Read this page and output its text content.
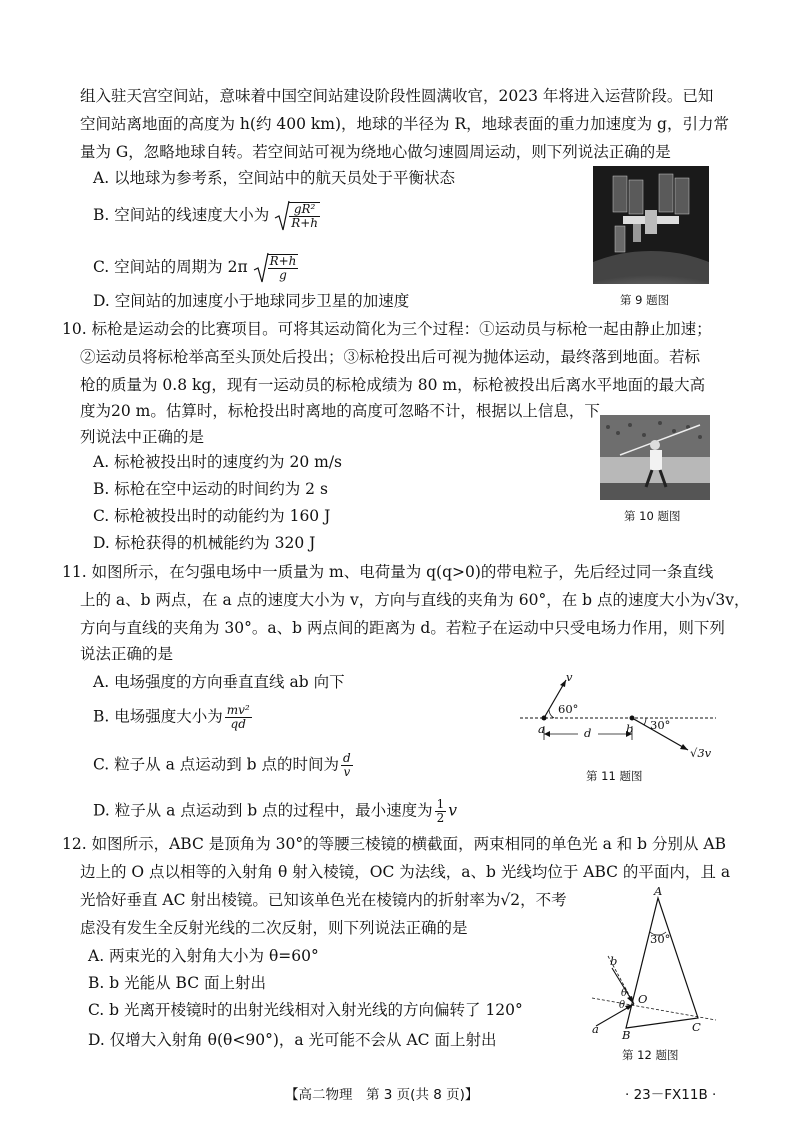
组入驻天宫空间站，意味着中国空间站建设阶段性圆满收官，2023 年将进入运营阶段。已知
空间站离地面的高度为 h(约 400 km)，地球的半径为 R，地球表面的重力加速度为 g，引力常
量为 G，忽略地球自转。若空间站可视为绕地心做匀速圆周运动，则下列说法正确的是
A. 以地球为参考系，空间站中的航天员处于平衡状态
B. 空间站的线速度大小为 $\frac{\text{gR²}}{R+h}$
C. 空间站的周期为 $2\pi \frac{R+h}{g}$
D. 空间站的加速度小于地球同步卫星的加速度	第 9 题图
10. 标枪是运动会的比赛项目。可将其运动简化为三个过程：①运动员与标枪一起由静止加速；
②运动员将标枪举高至头顶处后投出；③标枪投出后可视为抛体运动，最终落到地面。若标
枪的质量为 0.8 kg，现有一运动员的标枪成绩为 80 m，标枪被投出后离水平地面的最大高
度为20 m。估算时，标枪投出时离地的高度可忽略不计，根据以上信息，下
列说法中正确的是
A. 标枪被投出时的速度约为 20 m/s
B. 标枪在空中运动的时间约为 2 s
C. 标枪被投出时的动能约为 160 J
D. 标枪获得的机械能约为 320 J
第 10 题图
11. 如图所示，在匀强电场中一质量为 m、电荷量为 q(q>0)的带电粒子，先后经过同一条直线
上的 a、b 两点，在 a 点的速度大小为 v，方向与直线的夹角为 60°，在 b 点的速度大小为√3v，
方向与直线的夹角为 30°。a、b 两点间的距离为 d。若粒子在运动中只受电场力作用，则下列
说法正确的是
A. 电场强度的方向垂直直线 ab 向下
B. 电场强度大小为 $\frac{\text{mv²}}{qd}$
C. 粒子从 a 点运动到 b 点的时间为 $\frac{d}{v}$
D. 粒子从 a 点运动到 b 点的过程中，最小速度为 $\frac{1}{2}$ v
v
60°
a	d	b 30°
√3v
第 11 题图
12. 如图所示，ABC 是顶角为 30°的等腰三棱镜的横截面，两束相同的单色光 a 和 b 分别从 AB
边上的 O 点以相等的入射角 θ 射入棱镜，OC 为法线，a、b 光线均位于 ABC 的平面内，且 a
光恰好垂直 AC 射出棱镜。已知该单色光在棱镜内的折射率为√2，不考
虑没有发生全反射光线的二次反射，则下列说法正确的是
A. 两束光的入射角大小为 θ=60°
B. b 光能从 BC 面上射出
C. b 光离开棱镜时的出射光线相对入射光线的方向偏转了 120°
D. 仅增大入射角 θ(θ<90°)，a 光可能不会从 AC 面上射出
A
30°
b
θ
θ O
a B
C
第 12 题图
【高二物理　第 3 页(共 8 页)】	· 23－FX11B ·
